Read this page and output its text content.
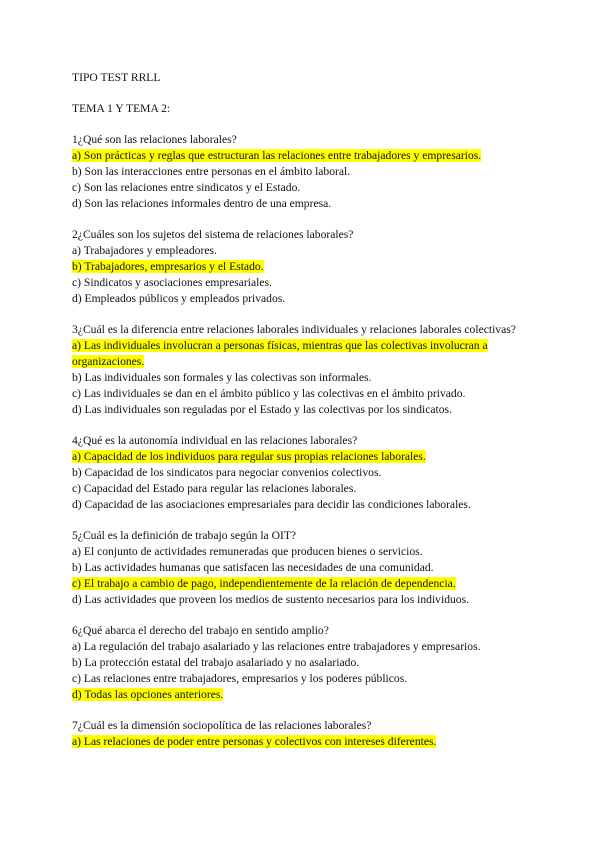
TIPO TEST RRLL
TEMA 1 Y TEMA 2:
1¿Qué son las relaciones laborales?
a) Son prácticas y reglas que estructuran las relaciones entre trabajadores y empresarios.
b) Son las interacciones entre personas en el ámbito laboral.
c) Son las relaciones entre sindicatos y el Estado.
d) Son las relaciones informales dentro de una empresa.
2¿Cuáles son los sujetos del sistema de relaciones laborales?
a) Trabajadores y empleadores.
b) Trabajadores, empresarios y el Estado.
c) Sindicatos y asociaciones empresariales.
d) Empleados públicos y empleados privados.
3¿Cuál es la diferencia entre relaciones laborales individuales y relaciones laborales colectivas?
a) Las individuales involucran a personas físicas, mientras que las colectivas involucran a organizaciones.
b) Las individuales son formales y las colectivas son informales.
c) Las individuales se dan en el ámbito público y las colectivas en el ámbito privado.
d) Las individuales son reguladas por el Estado y las colectivas por los sindicatos.
4¿Qué es la autonomía individual en las relaciones laborales?
a) Capacidad de los individuos para regular sus propias relaciones laborales.
b) Capacidad de los sindicatos para negociar convenios colectivos.
c) Capacidad del Estado para regular las relaciones laborales.
d) Capacidad de las asociaciones empresariales para decidir las condiciones laborales.
5¿Cuál es la definición de trabajo según la OIT?
a) El conjunto de actividades remuneradas que producen bienes o servicios.
b) Las actividades humanas que satisfacen las necesidades de una comunidad.
c) El trabajo a cambio de pago, independientemente de la relación de dependencia.
d) Las actividades que proveen los medios de sustento necesarios para los individuos.
6¿Qué abarca el derecho del trabajo en sentido amplio?
a) La regulación del trabajo asalariado y las relaciones entre trabajadores y empresarios.
b) La protección estatal del trabajo asalariado y no asalariado.
c) Las relaciones entre trabajadores, empresarios y los poderes públicos.
d) Todas las opciones anteriores.
7¿Cuál es la dimensión sociopolítica de las relaciones laborales?
a) Las relaciones de poder entre personas y colectivos con intereses diferentes.
